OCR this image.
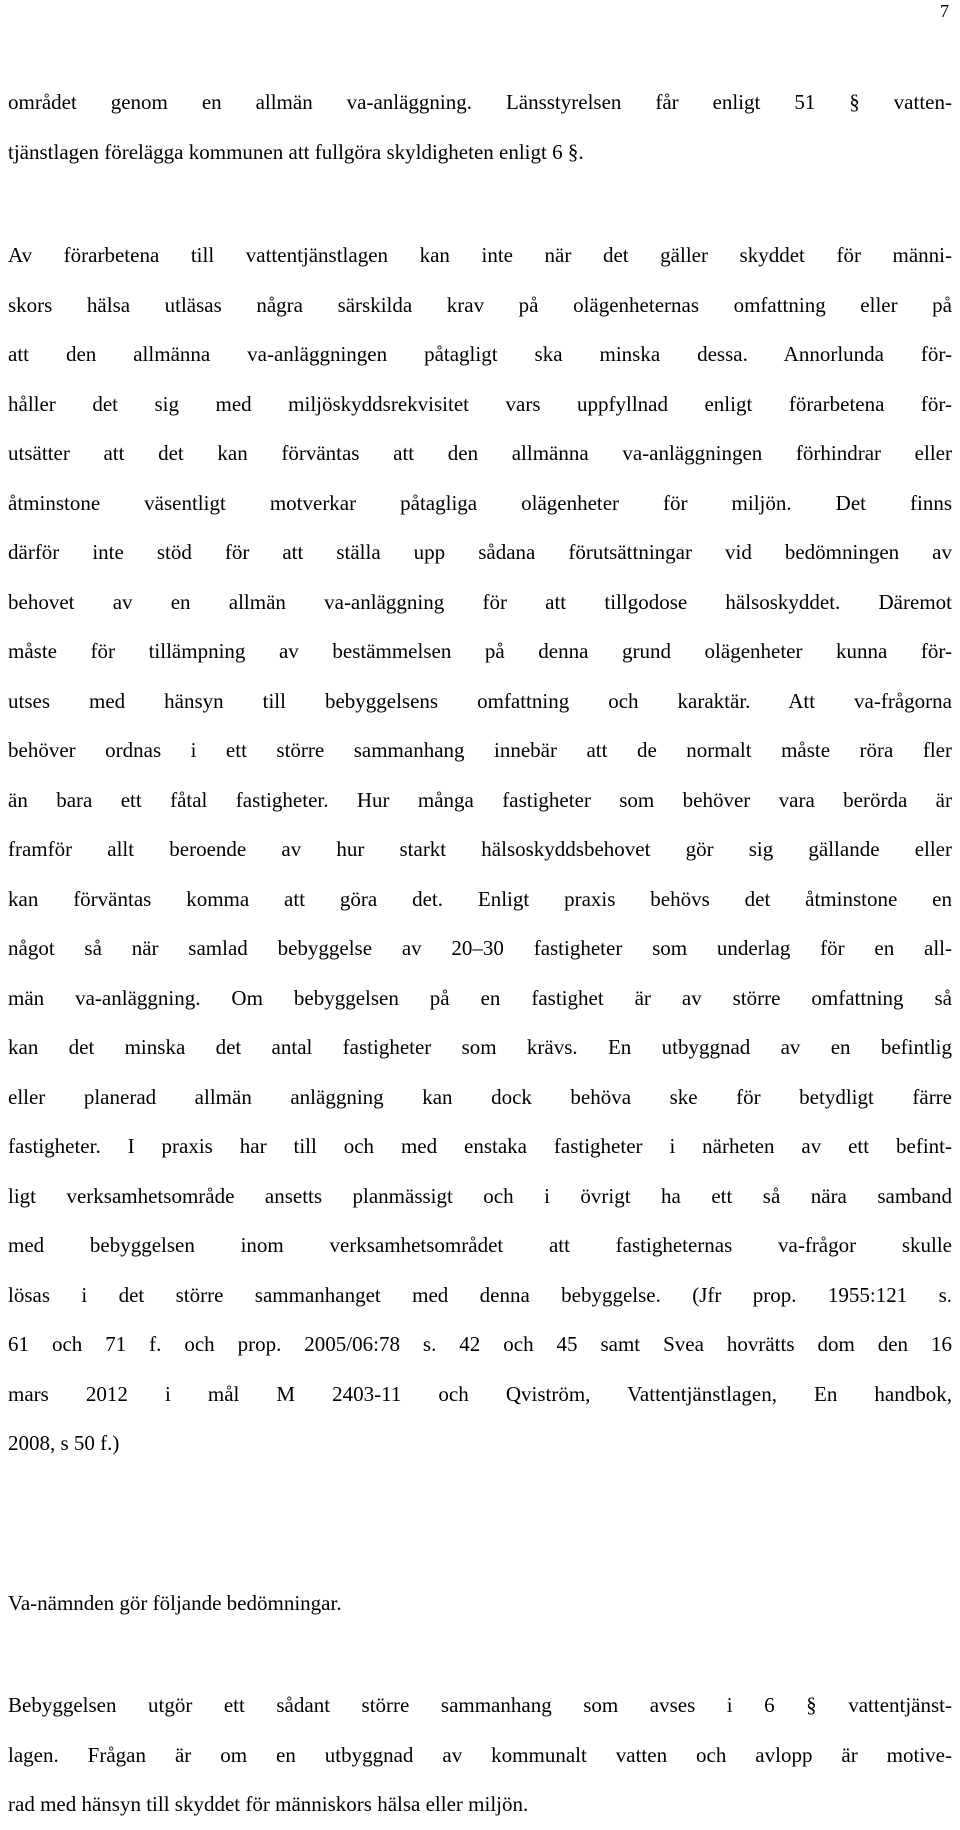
7
området genom en allmän va-anläggning. Länsstyrelsen får enligt 51 § vatten-
tjänstlagen förelägga kommunen att fullgöra skyldigheten enligt 6 §.
Av förarbetena till vattentjänstlagen kan inte när det gäller skyddet för männi-
skors hälsa utläsas några särskilda krav på olägenheternas omfattning eller på
att den allmänna va-anläggningen påtagligt ska minska dessa. Annorlunda för-
håller det sig med miljöskyddsrekvisitet vars uppfyllnad enligt förarbetena för-
utsätter att det kan förväntas att den allmänna va-anläggningen förhindrar eller
åtminstone väsentligt motverkar påtagliga olägenheter för miljön. Det finns
därför inte stöd för att ställa upp sådana förutsättningar vid bedömningen av
behovet av en allmän va-anläggning för att tillgodose hälsoskyddet. Däremot
måste för tillämpning av bestämmelsen på denna grund olägenheter kunna för-
utses med hänsyn till bebyggelsens omfattning och karaktär. Att va-frågorna
behöver ordnas i ett större sammanhang innebär att de normalt måste röra fler
än bara ett fåtal fastigheter. Hur många fastigheter som behöver vara berörda är
framför allt beroende av hur starkt hälsoskyddsbehovet gör sig gällande eller
kan förväntas komma att göra det. Enligt praxis behövs det åtminstone en
något så när samlad bebyggelse av 20–30 fastigheter som underlag för en all-
män va-anläggning. Om bebyggelsen på en fastighet är av större omfattning så
kan det minska det antal fastigheter som krävs. En utbyggnad av en befintlig
eller planerad allmän anläggning kan dock behöva ske för betydligt färre
fastigheter. I praxis har till och med enstaka fastigheter i närheten av ett befint-
ligt verksamhetsområde ansetts planmässigt och i övrigt ha ett så nära samband
med bebyggelsen inom verksamhetsområdet att fastigheternas va-frågor skulle
lösas i det större sammanhanget med denna bebyggelse. (Jfr prop. 1955:121 s.
61 och 71 f. och prop. 2005/06:78 s. 42 och 45 samt Svea hovrätts dom den 16
mars 2012 i mål M 2403-11 och Qviström, Vattentjänstlagen, En handbok,
2008, s 50 f.)
Va-nämnden gör följande bedömningar.
Bebyggelsen utgör ett sådant större sammanhang som avses i 6 § vattentjänst-
lagen. Frågan är om en utbyggnad av kommunalt vatten och avlopp är motive-
rad med hänsyn till skyddet för människors hälsa eller miljön.
